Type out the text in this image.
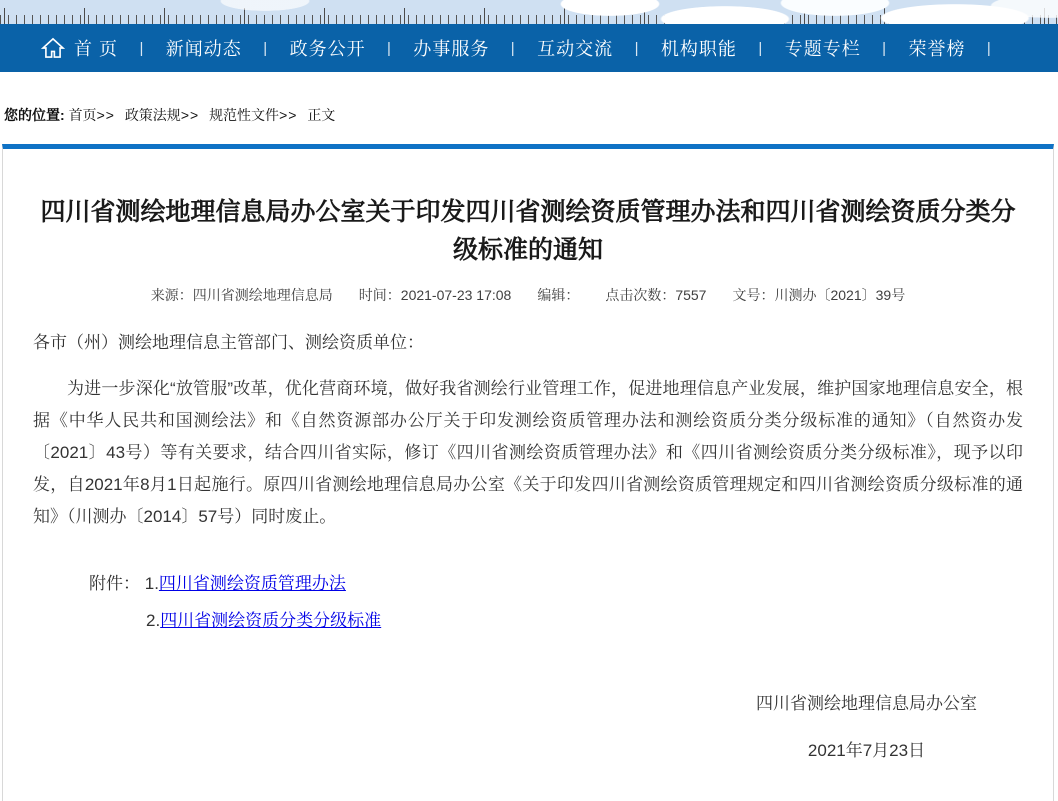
首 页 | 新闻动态 | 政务公开 | 办事服务 | 互动交流 | 机构职能 | 专题专栏 | 荣誉榜 |
您的位置: 首页>> 政策法规>> 规范性文件>> 正文
四川省测绘地理信息局办公室关于印发四川省测绘资质管理办法和四川省测绘资质分类分级标准的通知
来源：四川省测绘地理信息局 时间：2021-07-23 17:08 编辑： 点击次数：7557 文号：川测办〔2021〕39号
各市（州）测绘地理信息主管部门、测绘资质单位：
为进一步深化“放管服”改革，优化营商环境，做好我省测绘行业管理工作，促进地理信息产业发展，维护国家地理信息安全，根据《中华人民共和国测绘法》和《自然资源部办公厅关于印发测绘资质管理办法和测绘资质分类分级标准的通知》（自然资办发〔2021〕43号）等有关要求，结合四川省实际，修订《四川省测绘资质管理办法》和《四川省测绘资质分类分级标准》，现予以印发，自2021年8月1日起施行。原四川省测绘地理信息局办公室《关于印发四川省测绘资质管理规定和四川省测绘资质分级标准的通知》（川测办〔2014〕57号）同时废止。
附件： 1.四川省测绘资质管理办法
2.四川省测绘资质分类分级标准
四川省测绘地理信息局办公室
2021年7月23日
